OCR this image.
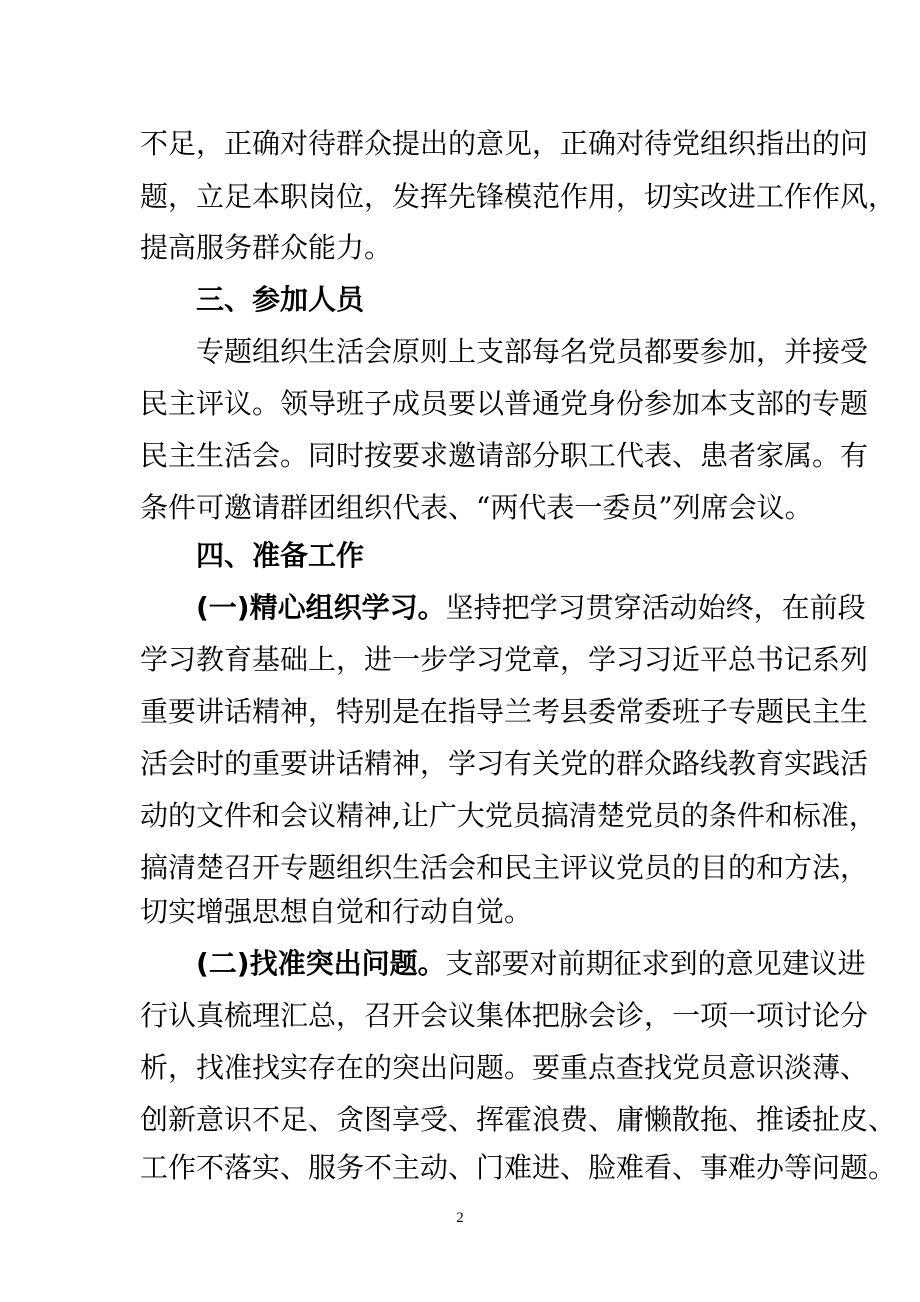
不足，正确对待群众提出的意见，正确对待党组织指出的问
题，立足本职岗位，发挥先锋模范作用，切实改进工作作风，
提高服务群众能力。
三、参加人员
专题组织生活会原则上支部每名党员都要参加，并接受
民主评议。领导班子成员要以普通党身份参加本支部的专题
民主生活会。同时按要求邀请部分职工代表、患者家属。有
条件可邀请群团组织代表、“两代表一委员”列席会议。
四、准备工作
(一)精心组织学习。坚持把学习贯穿活动始终，在前段
学习教育基础上，进一步学习党章，学习习近平总书记系列
重要讲话精神，特别是在指导兰考县委常委班子专题民主生
活会时的重要讲话精神，学习有关党的群众路线教育实践活
动的文件和会议精神,让广大党员搞清楚党员的条件和标准，
搞清楚召开专题组织生活会和民主评议党员的目的和方法，
切实增强思想自觉和行动自觉。
(二)找准突出问题。支部要对前期征求到的意见建议进
行认真梳理汇总，召开会议集体把脉会诊，一项一项讨论分
析，找准找实存在的突出问题。要重点查找党员意识淡薄、
创新意识不足、贪图享受、挥霍浪费、庸懒散拖、推诿扯皮、
工作不落实、服务不主动、门难进、脸难看、事难办等问题。
2
